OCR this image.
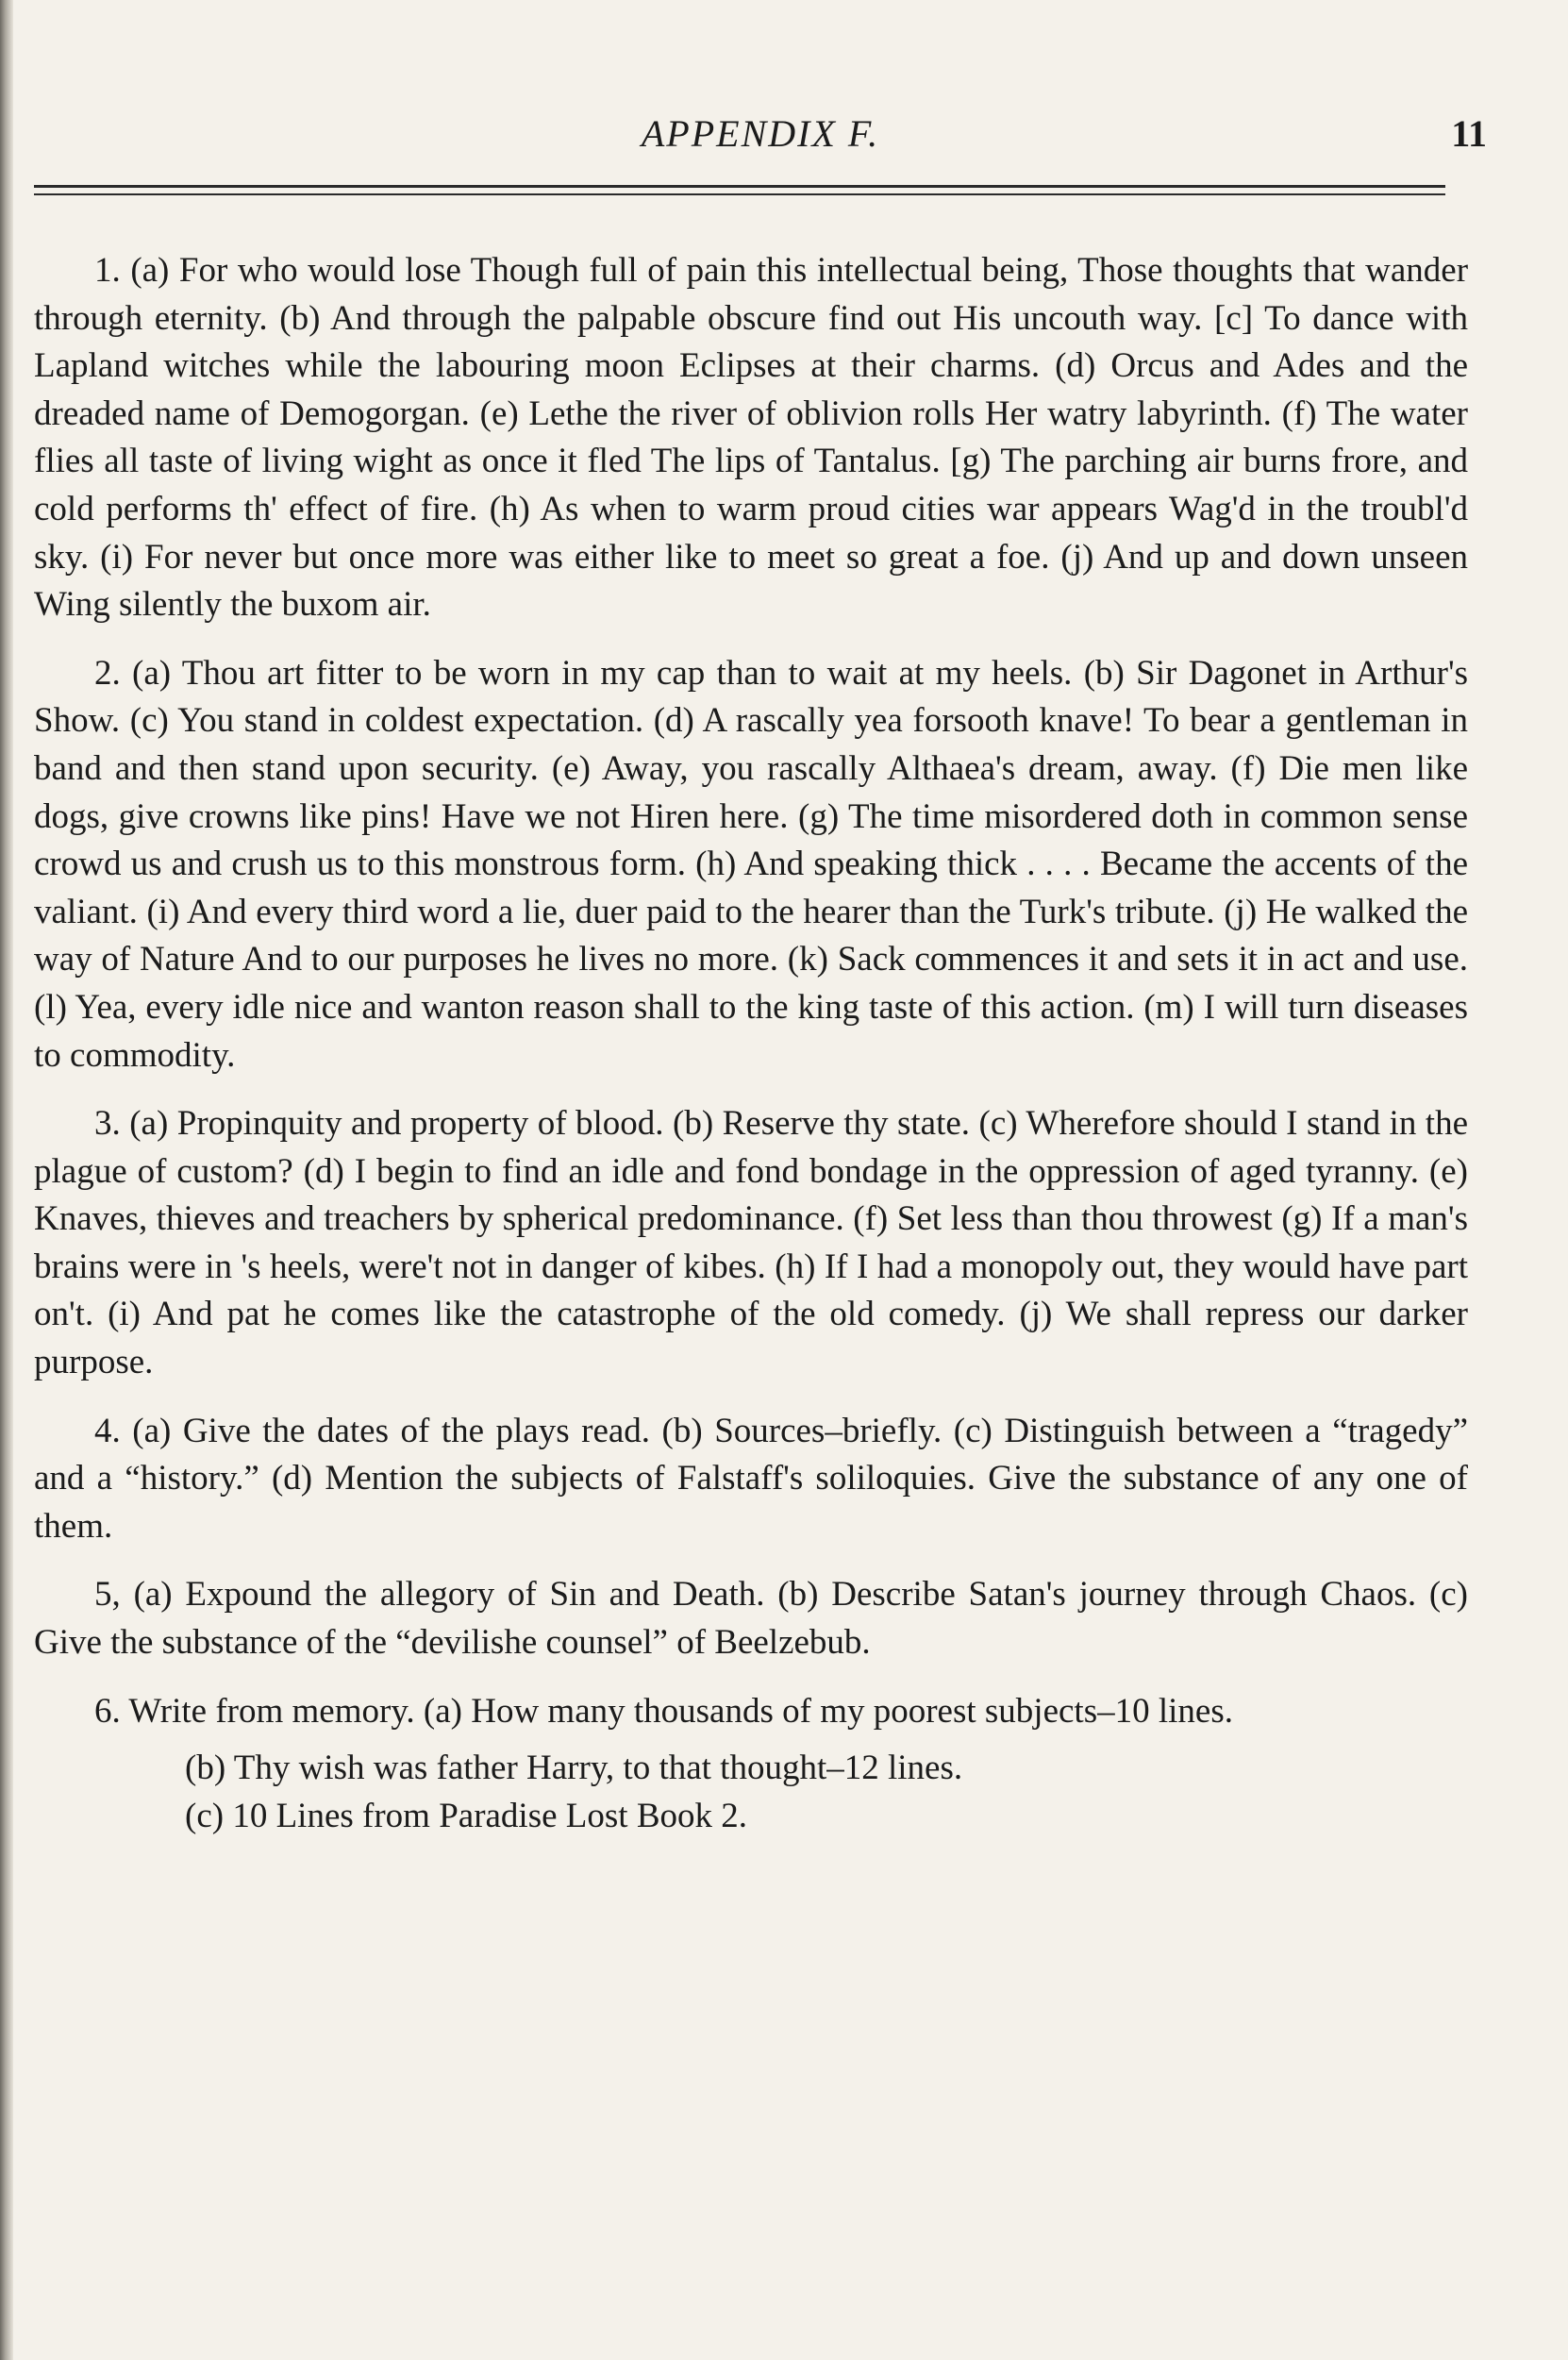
APPENDIX F.	11

1. (a) For who would lose Though full of pain this intellectual being, Those thoughts that wander through eternity. (b) And through the palpable obscure find out His uncouth way. [c] To dance with Lapland witches while the labouring moon Eclipses at their charms. (d) Orcus and Ades and the dreaded name of Demogorgan. (e) Lethe the river of oblivion rolls Her watry labyrinth. (f) The water flies all taste of living wight as once it fled The lips of Tantalus. [g) The parching air burns frore, and cold performs th' effect of fire. (h) As when to warm proud cities war appears Wag'd in the troubl'd sky. (i) For never but once more was either like to meet so great a foe. (j) And up and down unseen Wing silently the buxom air.

2. (a) Thou art fitter to be worn in my cap than to wait at my heels. (b) Sir Dagonet in Arthur's Show. (c) You stand in coldest expectation. (d) A rascally yea forsooth knave! To bear a gentleman in band and then stand upon security. (e) Away, you rascally Althaea's dream, away. (f) Die men like dogs, give crowns like pins! Have we not Hiren here. (g) The time misordered doth in common sense crowd us and crush us to this monstrous form. (h) And speaking thick . . . . Became the accents of the valiant. (i) And every third word a lie, duer paid to the hearer than the Turk's tribute. (j) He walked the way of Nature And to our purposes he lives no more. (k) Sack commences it and sets it in act and use. (l) Yea, every idle nice and wanton reason shall to the king taste of this action. (m) I will turn diseases to commodity.

3. (a) Propinquity and property of blood. (b) Reserve thy state. (c) Wherefore should I stand in the plague of custom? (d) I begin to find an idle and fond bondage in the oppression of aged tyranny. (e) Knaves, thieves and treachers by spherical predominance. (f) Set less than thou throwest (g) If a man's brains were in 's heels, were't not in danger of kibes. (h) If I had a monopoly out, they would have part on't. (i) And pat he comes like the catastrophe of the old comedy. (j) We shall repress our darker purpose.

4. (a) Give the dates of the plays read. (b) Sources–briefly. (c) Distinguish between a “tragedy” and a “history.” (d) Mention the subjects of Falstaff's soliloquies. Give the substance of any one of them.

5, (a) Expound the allegory of Sin and Death. (b) Describe Satan's journey through Chaos. (c) Give the substance of the “devilishe counsel” of Beelzebub.

6. Write from memory. (a) How many thousands of my poorest subjects–10 lines.

(b) Thy wish was father Harry, to that thought–12 lines.

(c) 10 Lines from Paradise Lost Book 2.
